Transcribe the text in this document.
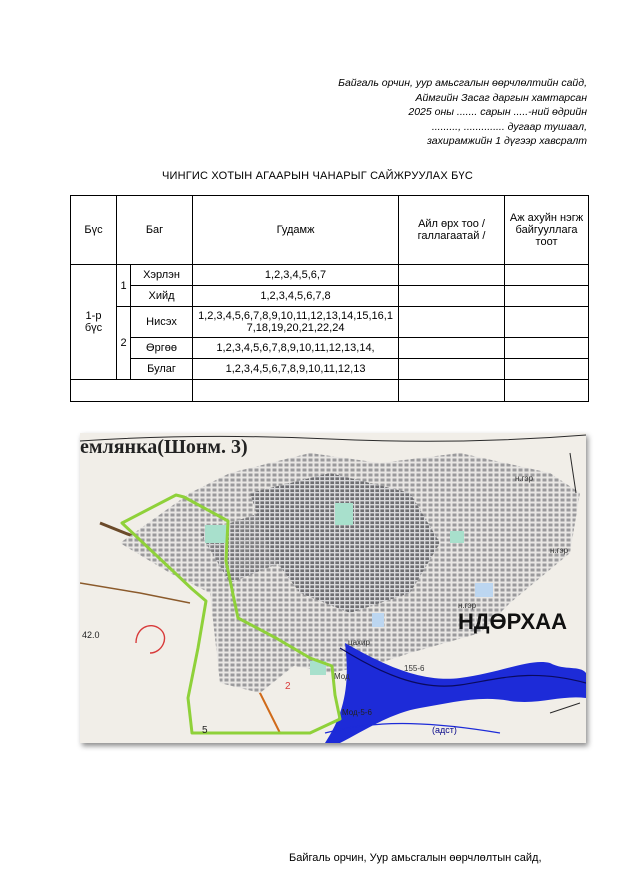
Байгаль орчин, уур амьсгалын өөрчлөлтийн сайд,
Аймгийн Засаг даргын хамтарсан
2025 оны ....... сарын .....-ний өдрийн
........., .............. дугаар тушаал,
захирамжийн 1 дүгээр хавсралт
ЧИНГИС ХОТЫН АГААРЫН ЧАНАРЫГ САЙЖРУУЛАХ БҮС
Бүс	Баг		Гудамж	Айл өрх тоо /галлагаатай /	Аж ахуйн нэгж байгууллага тоот
1-р бүс	1	Хэрлэн	1,2,3,4,5,6,7		
		Хийд	1,2,3,4,5,6,7,8		
	2	Нисэх	1,2,3,4,5,6,7,8,9,10,11,12,13,14,15,16,17,18,19,20,21,22,24		
		Өргөө	1,2,3,4,5,6,7,8,9,10,11,12,13,14,		
		Булаг	1,2,3,4,5,6,7,8,9,10,11,12,13		

емлянка(Шонм. 3)
НДӨРХАА
42.0
н.гэр
н.гэр
н.гэр
цахир
155-6
Мод
Мод-5-6
(адст)
2
5
Байгаль орчин, Уур амьсгалын өөрчлөлтын сайд,
